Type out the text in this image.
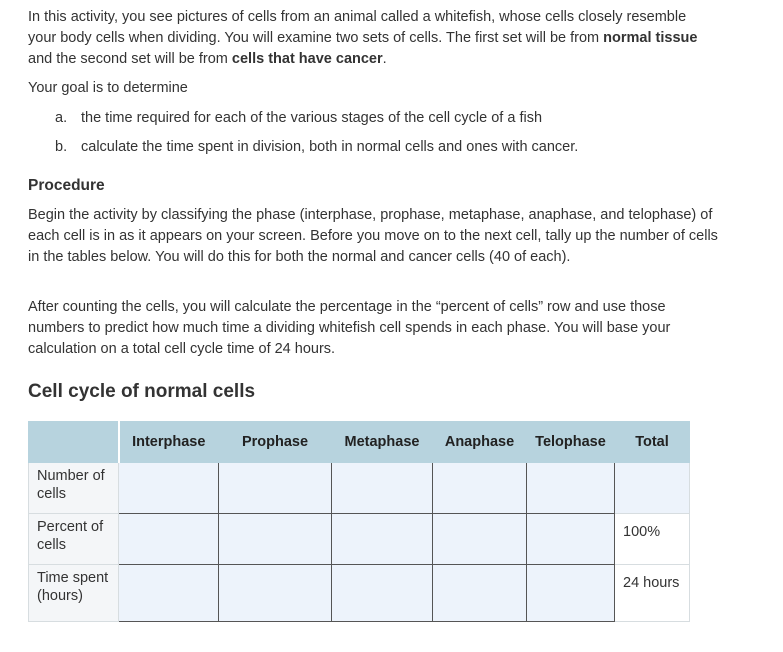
In this activity, you see pictures of cells from an animal called a whitefish, whose cells closely resemble your body cells when dividing. You will examine two sets of cells. The first set will be from normal tissue and the second set will be from cells that have cancer.

Your goal is to determine

a. the time required for each of the various stages of the cell cycle of a fish
b. calculate the time spent in division, both in normal cells and ones with cancer.
Procedure

Begin the activity by classifying the phase (interphase, prophase, metaphase, anaphase, and telophase) of each cell is in as it appears on your screen. Before you move on to the next cell, tally up the number of cells in the tables below. You will do this for both the normal and cancer cells (40 of each).

After counting the cells, you will calculate the percentage in the “percent of cells” row and use those numbers to predict how much time a dividing whitefish cell spends in each phase. You will base your calculation on a total cell cycle time of 24 hours.

Cell cycle of normal cells
	Interphase	Prophase	Metaphase	Anaphase	Telophase	Total
Number of cells						
Percent of cells						100%
Time spent (hours)						24 hours
